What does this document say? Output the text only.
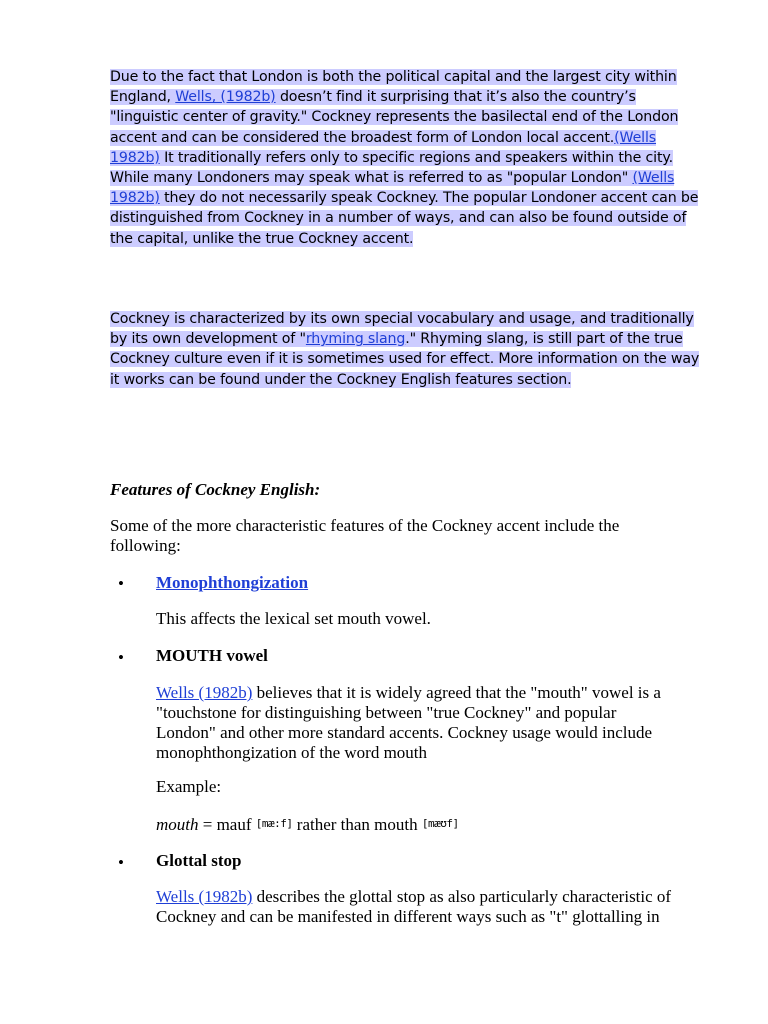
Due to the fact that London is both the political capital and the largest city within
England, Wells, (1982b) doesn’t find it surprising that it’s also the country’s
"linguistic center of gravity." Cockney represents the basilectal end of the London
accent and can be considered the broadest form of London local accent.(Wells
1982b) It traditionally refers only to specific regions and speakers within the city.
While many Londoners may speak what is referred to as "popular London" (Wells
1982b) they do not necessarily speak Cockney. The popular Londoner accent can be
distinguished from Cockney in a number of ways, and can also be found outside of
the capital, unlike the true Cockney accent.
Cockney is characterized by its own special vocabulary and usage, and traditionally
by its own development of "rhyming slang." Rhyming slang, is still part of the true
Cockney culture even if it is sometimes used for effect. More information on the way
it works can be found under the Cockney English features section.
Features of Cockney English:
Some of the more characteristic features of the Cockney accent include the
following:
• Monophthongization
This affects the lexical set mouth vowel.
• MOUTH vowel
Wells (1982b) believes that it is widely agreed that the "mouth" vowel is a
"touchstone for distinguishing between "true Cockney" and popular
London" and other more standard accents. Cockney usage would include
monophthongization of the word mouth
Example:
mouth = mauf [mæ:f] rather than mouth [mæʊf]
• Glottal stop
Wells (1982b) describes the glottal stop as also particularly characteristic of
Cockney and can be manifested in different ways such as "t" glottalling in
